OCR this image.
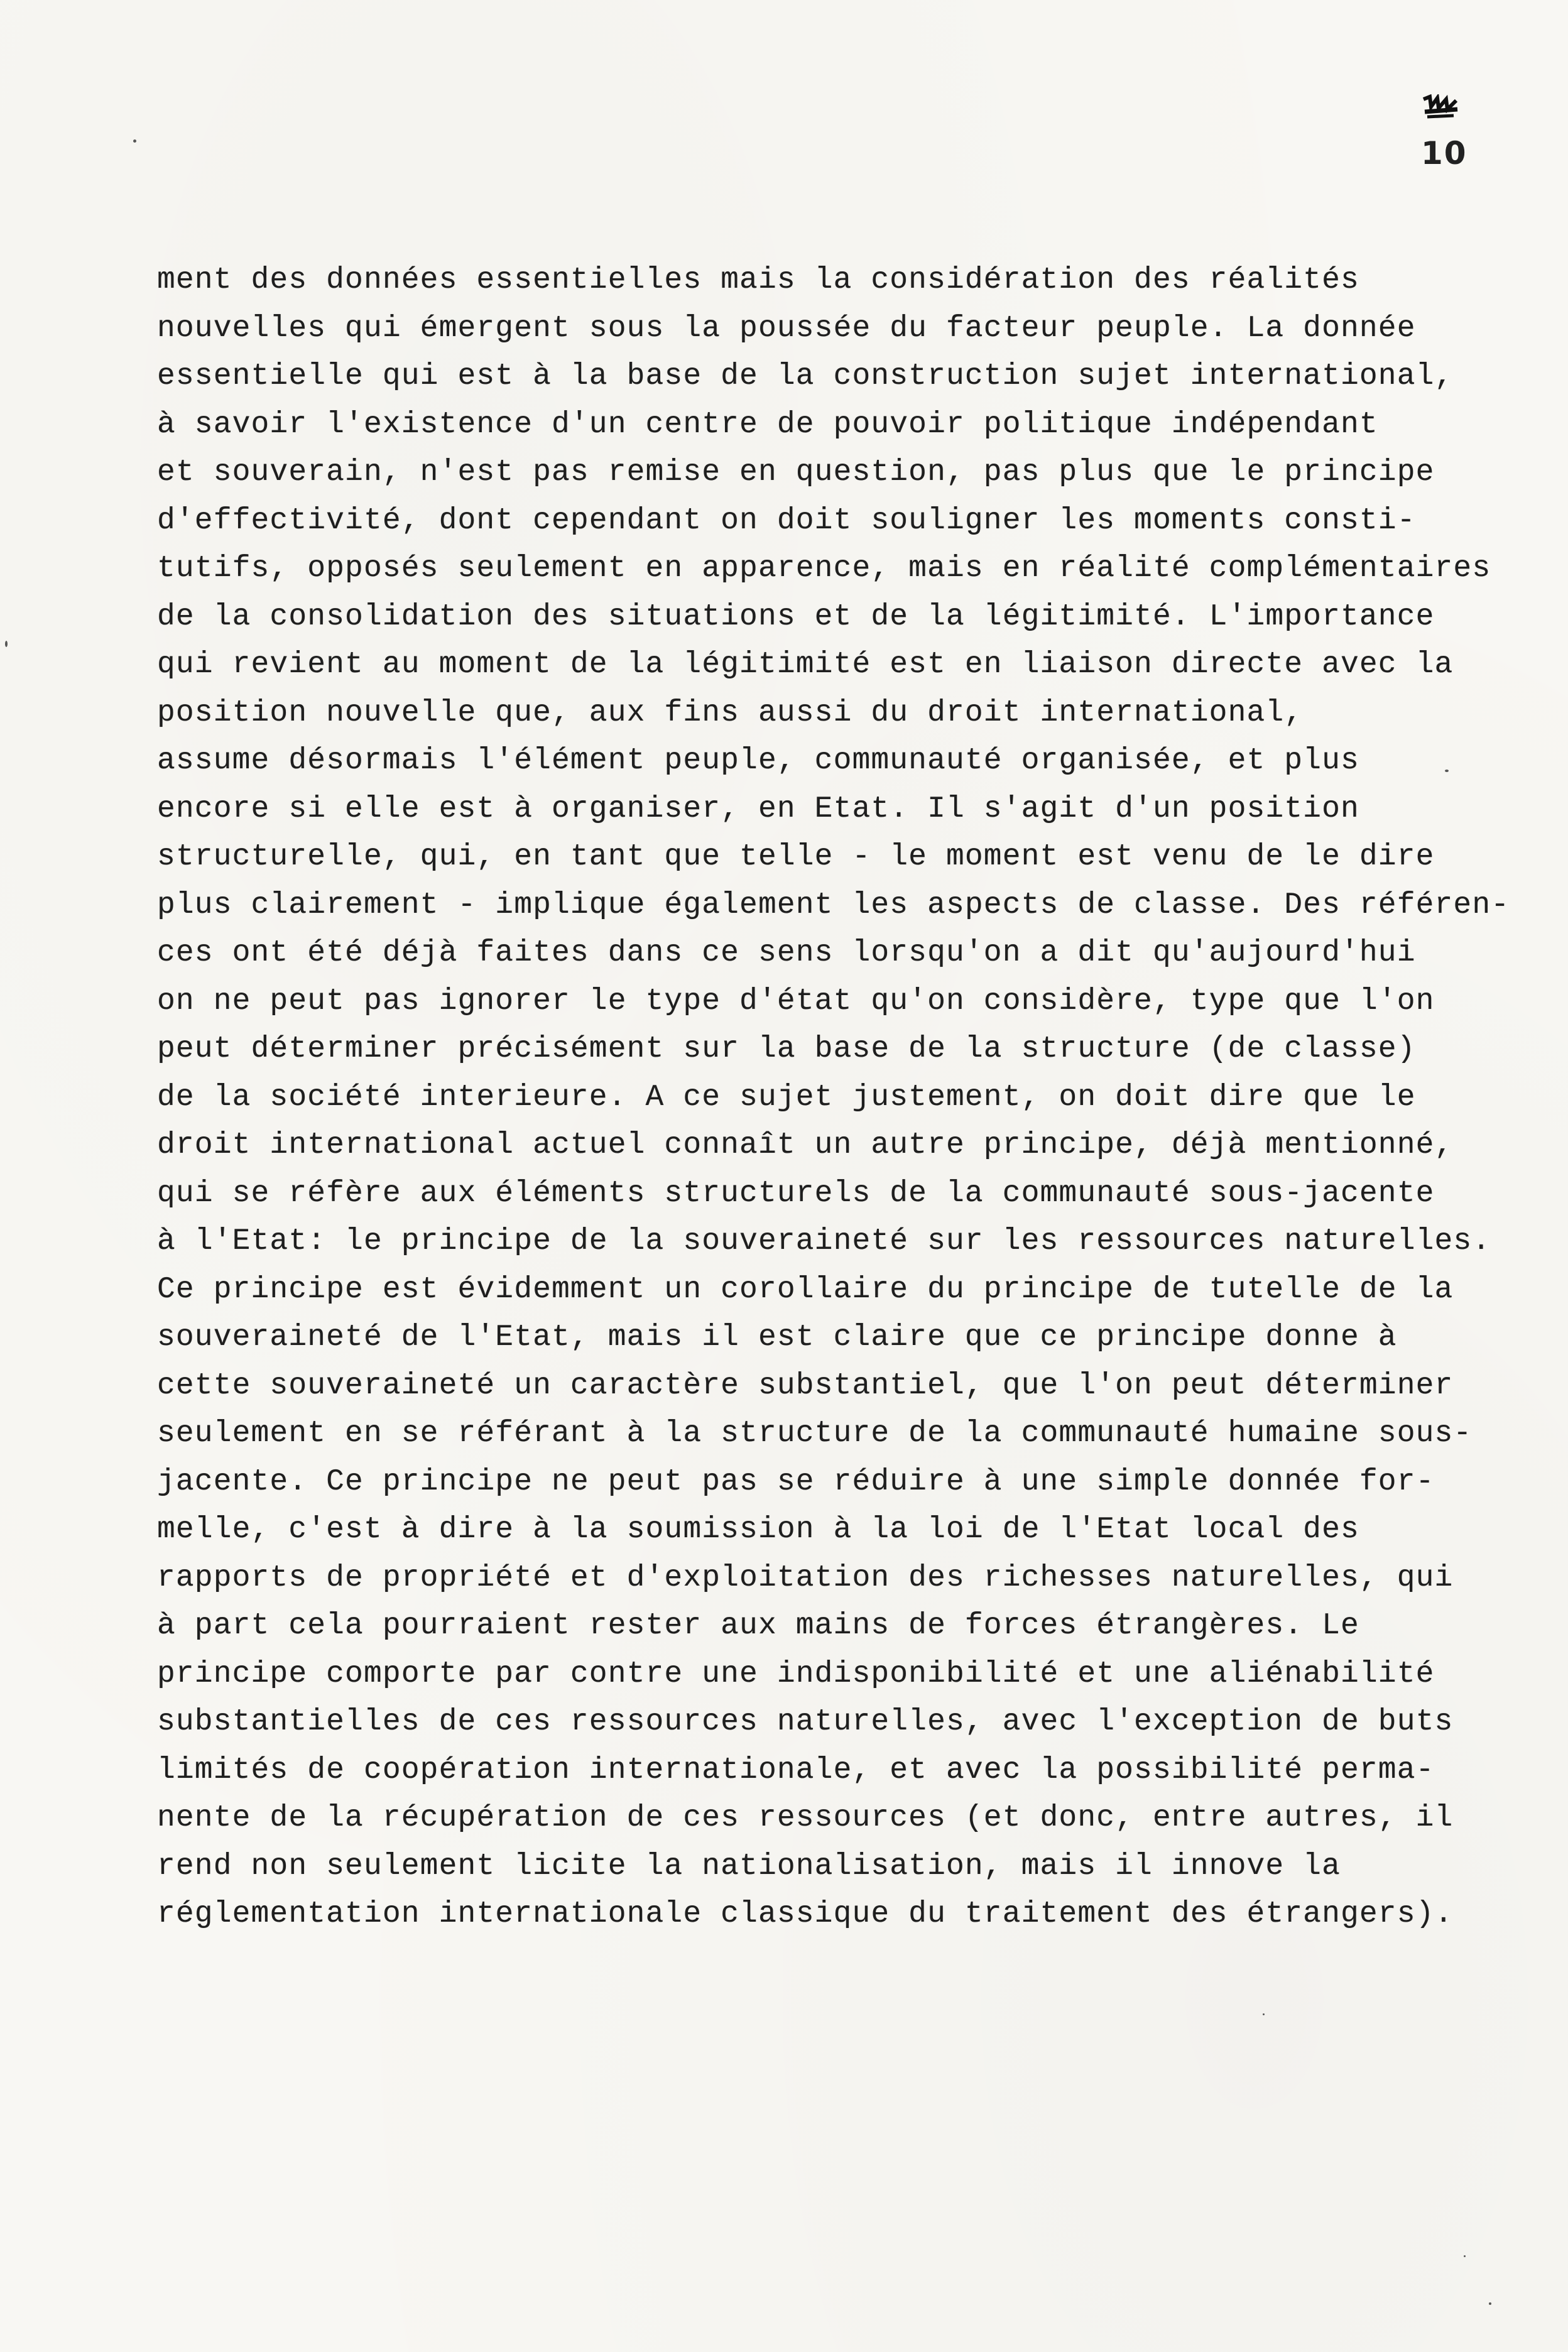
10
ment des données essentielles mais la considération des réalités
nouvelles qui émergent sous la poussée du facteur peuple. La donnée
essentielle qui est à la base de la construction sujet international,
à savoir l'existence d'un centre de pouvoir politique indépendant
et souverain, n'est pas remise en question, pas plus que le principe
d'effectivité, dont cependant on doit souligner les moments consti-
tutifs, opposés seulement en apparence, mais en réalité complémentaires
de la consolidation des situations et de la légitimité. L'importance
qui revient au moment de la légitimité est en liaison directe avec la
position nouvelle que, aux fins aussi du droit international,
assume désormais l'élément peuple, communauté organisée, et plus
encore si elle est à organiser, en Etat. Il s'agit d'un position
structurelle, qui, en tant que telle - le moment est venu de le dire
plus clairement - implique également les aspects de classe. Des référen-
ces ont été déjà faites dans ce sens lorsqu'on a dit qu'aujourd'hui
on ne peut pas ignorer le type d'état qu'on considère, type que l'on
peut déterminer précisément sur la base de la structure (de classe)
de la société interieure. A ce sujet justement, on doit dire que le
droit international actuel connaît un autre principe, déjà mentionné,
qui se réfère aux éléments structurels de la communauté sous-jacente
à l'Etat: le principe de la souveraineté sur les ressources naturelles.
Ce principe est évidemment un corollaire du principe de tutelle de la
souveraineté de l'Etat, mais il est claire que ce principe donne à
cette souveraineté un caractère substantiel, que l'on peut déterminer
seulement en se référant à la structure de la communauté humaine sous-
jacente. Ce principe ne peut pas se réduire à une simple donnée for-
melle, c'est à dire à la soumission à la loi de l'Etat local des
rapports de propriété et d'exploitation des richesses naturelles, qui
à part cela pourraient rester aux mains de forces étrangères. Le
principe comporte par contre une indisponibilité et une aliénabilité
substantielles de ces ressources naturelles, avec l'exception de buts
limités de coopération internationale, et avec la possibilité perma-
nente de la récupération de ces ressources (et donc, entre autres, il
rend non seulement licite la nationalisation, mais il innove la
réglementation internationale classique du traitement des étrangers).
